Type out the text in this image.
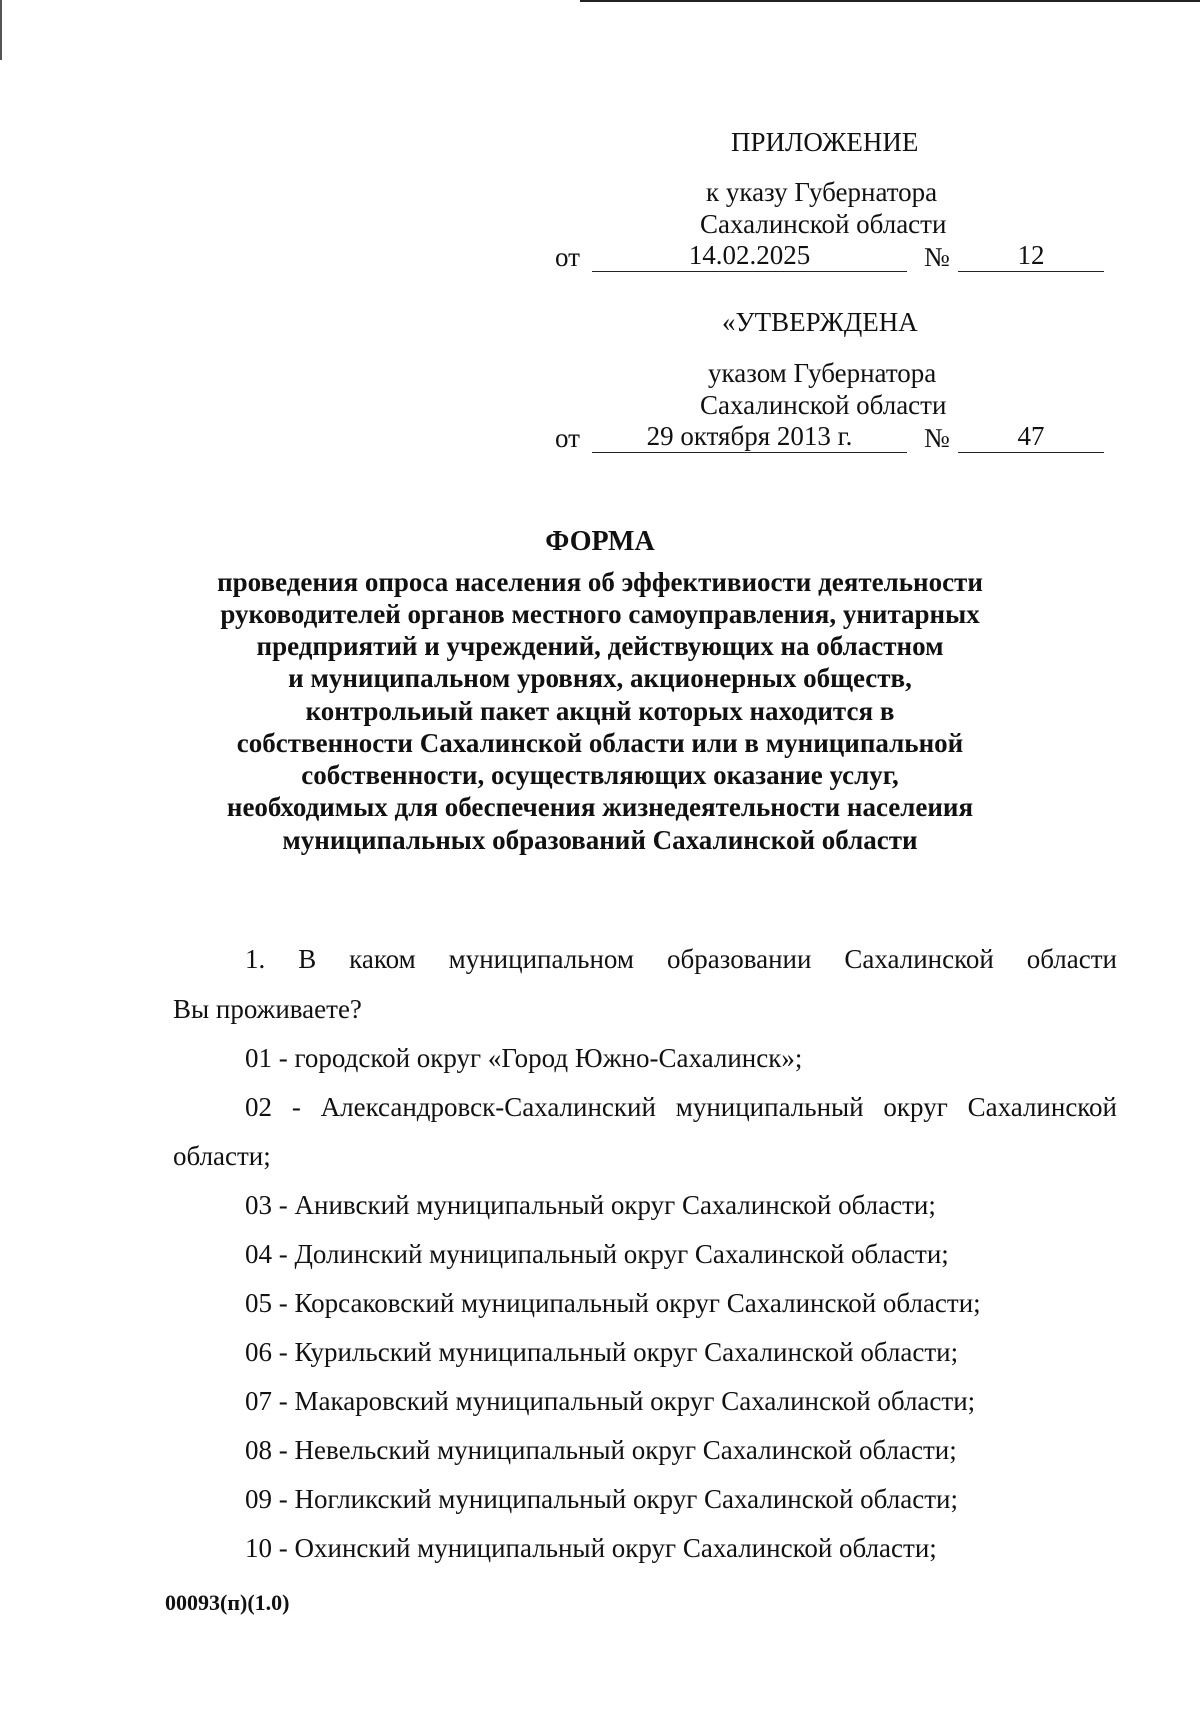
ПРИЛОЖЕНИЕ
к указу Губернатора
Сахалинской области
от	14.02.2025	№	12
«УТВЕРЖДЕНА
указом Губернатора
Сахалинской области
от	29 октября 2013 г.	№	47
ФОРМА
проведения опроса населения об эффективиости деятельности
руководителей органов местного самоуправления, унитарных
предприятий и учреждений, действующих на областном
и муниципальном уровнях, акционерных обществ,
контрольиый пакет акцнй которых находится в
собственности Сахалинской области или в муниципальной
собственности, осуществляющих оказание услуг,
необходимых для обеспечения жизнедеятельности населеиия
муниципальных образований Сахалинской области
1. В каком муниципальном образовании Сахалинской области
Вы проживаете?
01 - городской округ «Город Южно-Сахалинск»;
02 - Александровск-Сахалинский муниципальный округ Сахалинской
области;
03 - Анивский муниципальный округ Сахалинской области;
04 - Долинский муниципальный округ Сахалинской области;
05 - Корсаковский муниципальный округ Сахалинской области;
06 - Курильский муниципальный округ Сахалинской области;
07 - Макаровский муниципальный округ Сахалинской области;
08 - Невельский муниципальный округ Сахалинской области;
09 - Ногликский муниципальный округ Сахалинской области;
10 - Охинский муниципальный округ Сахалинской области;
00093(п)(1.0)
